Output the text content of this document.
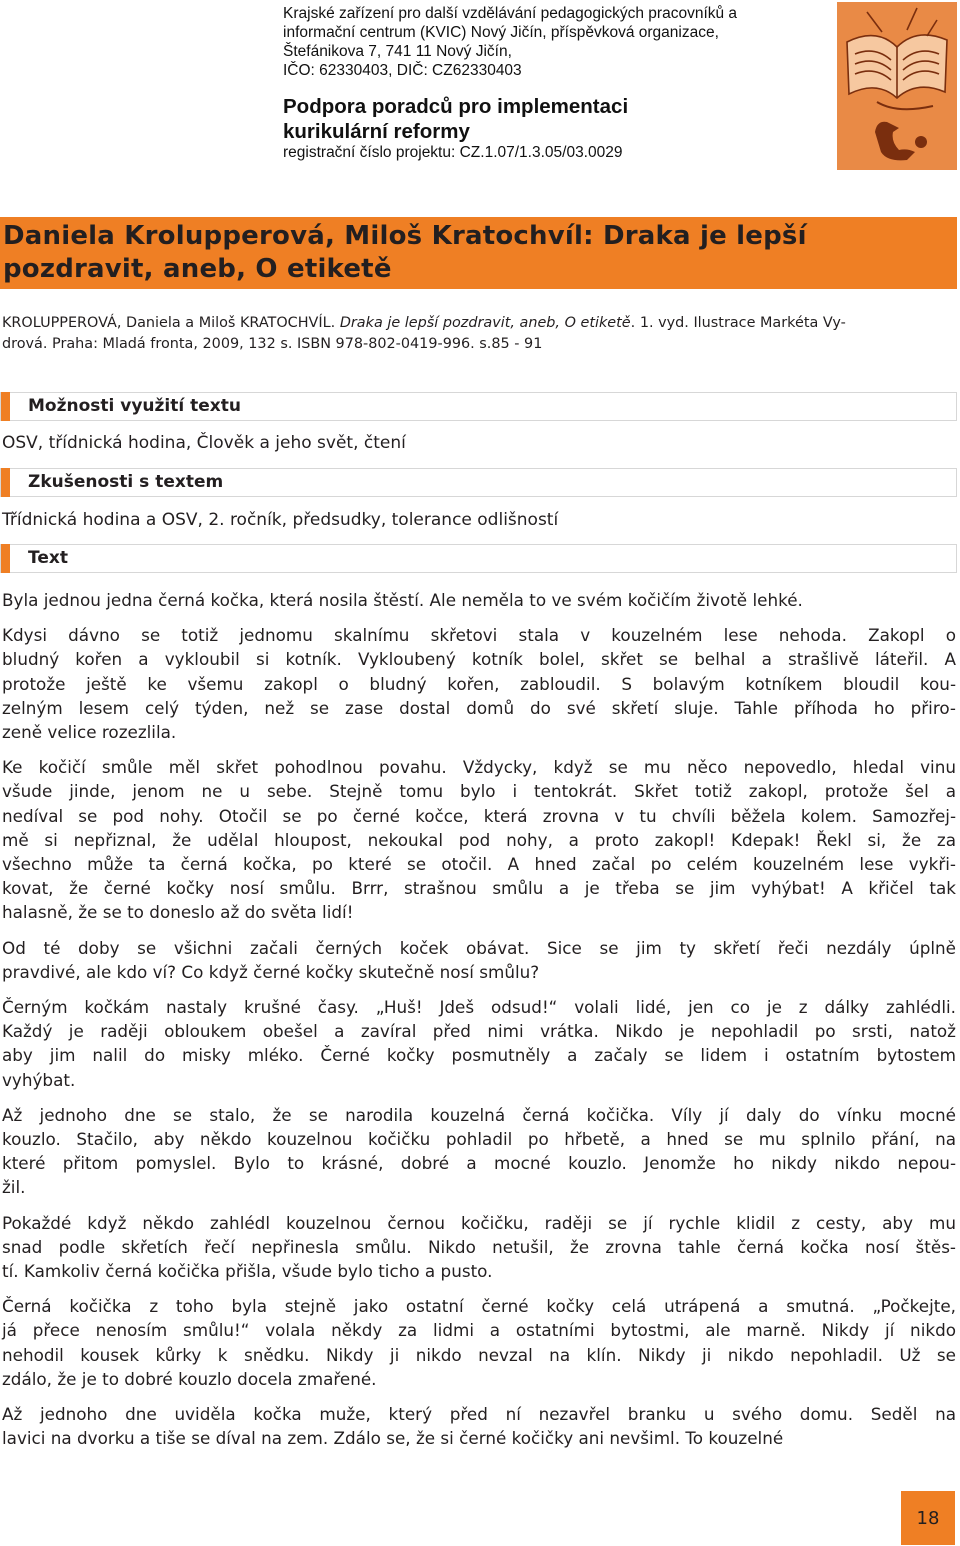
Krajské zařízení pro další vzdělávání pedagogických pracovníků a
informační centrum (KVIC) Nový Jičín, příspěvková organizace,
Štefánikova 7, 741 11 Nový Jičín,
IČO: 62330403, DIČ: CZ62330403
Podpora poradců pro implementaci
kurikulární reformy
registrační číslo projektu: CZ.1.07/1.3.05/03.0029
Daniela Krolupperová, Miloš Kratochvíl: Draka je lepší
pozdravit, aneb, O etiketě
KROLUPPEROVÁ, Daniela a Miloš KRATOCHVÍL. Draka je lepší pozdravit, aneb, O etiketě. 1. vyd. Ilustrace Markéta Vy-
drová. Praha: Mladá fronta, 2009, 132 s. ISBN 978-802-0419-996. s.85 - 91
Možnosti využití textu
OSV, třídnická hodina, Člověk a jeho svět, čtení
Zkušenosti s textem
Třídnická hodina a OSV, 2. ročník, předsudky, tolerance odlišností
Text

Byla jednou jedna černá kočka, která nosila štěstí. Ale neměla to ve svém kočičím životě lehké.

Kdysi dávno se totiž jednomu skalnímu skřetovi stala v kouzelném lese nehoda. Zakopl o
bludný kořen a vykloubil si kotník. Vykloubený kotník bolel, skřet se belhal a strašlivě láteřil. A
protože ještě ke všemu zakopl o bludný kořen, zabloudil. S bolavým kotníkem bloudil kou-
zelným lesem celý týden, než se zase dostal domů do své skřetí sluje. Tahle příhoda ho přiro-
zeně velice rozezlila.

Ke kočičí smůle měl skřet pohodlnou povahu. Vždycky, když se mu něco nepovedlo, hledal vinu
všude jinde, jenom ne u sebe. Stejně tomu bylo i tentokrát. Skřet totiž zakopl, protože šel a
nedíval se pod nohy. Otočil se po černé kočce, která zrovna v tu chvíli běžela kolem. Samozřej-
mě si nepřiznal, že udělal hloupost, nekoukal pod nohy, a proto zakopl! Kdepak! Řekl si, že za
všechno může ta černá kočka, po které se otočil. A hned začal po celém kouzelném lese vykři-
kovat, že černé kočky nosí smůlu. Brrr, strašnou smůlu a je třeba se jim vyhýbat! A křičel tak
halasně, že se to doneslo až do světa lidí!

Od té doby se všichni začali černých koček obávat. Sice se jim ty skřetí řeči nezdály úplně
pravdivé, ale kdo ví? Co když černé kočky skutečně nosí smůlu?

Černým kočkám nastaly krušné časy. „Huš! Jdeš odsud!“ volali lidé, jen co je z dálky zahlédli.
Každý je raději obloukem obešel a zavíral před nimi vrátka. Nikdo je nepohladil po srsti, natož
aby jim nalil do misky mléko. Černé kočky posmutněly a začaly se lidem i ostatním bytostem
vyhýbat.

Až jednoho dne se stalo, že se narodila kouzelná černá kočička. Víly jí daly do vínku mocné
kouzlo. Stačilo, aby někdo kouzelnou kočičku pohladil po hřbetě, a hned se mu splnilo přání, na
které přitom pomyslel. Bylo to krásné, dobré a mocné kouzlo. Jenomže ho nikdy nikdo nepou-
žil.

Pokaždé když někdo zahlédl kouzelnou černou kočičku, raději se jí rychle klidil z cesty, aby mu
snad podle skřetích řečí nepřinesla smůlu. Nikdo netušil, že zrovna tahle černá kočka nosí štěs-
tí. Kamkoliv černá kočička přišla, všude bylo ticho a pusto.

Černá kočička z toho byla stejně jako ostatní černé kočky celá utrápená a smutná. „Počkejte,
já přece nenosím smůlu!“ volala někdy za lidmi a ostatními bytostmi, ale marně. Nikdy jí nikdo
nehodil kousek kůrky k snědku. Nikdy ji nikdo nevzal na klín. Nikdy ji nikdo nepohladil. Už se
zdálo, že je to dobré kouzlo docela zmařené.

Až jednoho dne uviděla kočka muže, který před ní nezavřel branku u svého domu. Seděl na
lavici na dvorku a tiše se díval na zem. Zdálo se, že si černé kočičky ani nevšiml. To kouzelné

18
